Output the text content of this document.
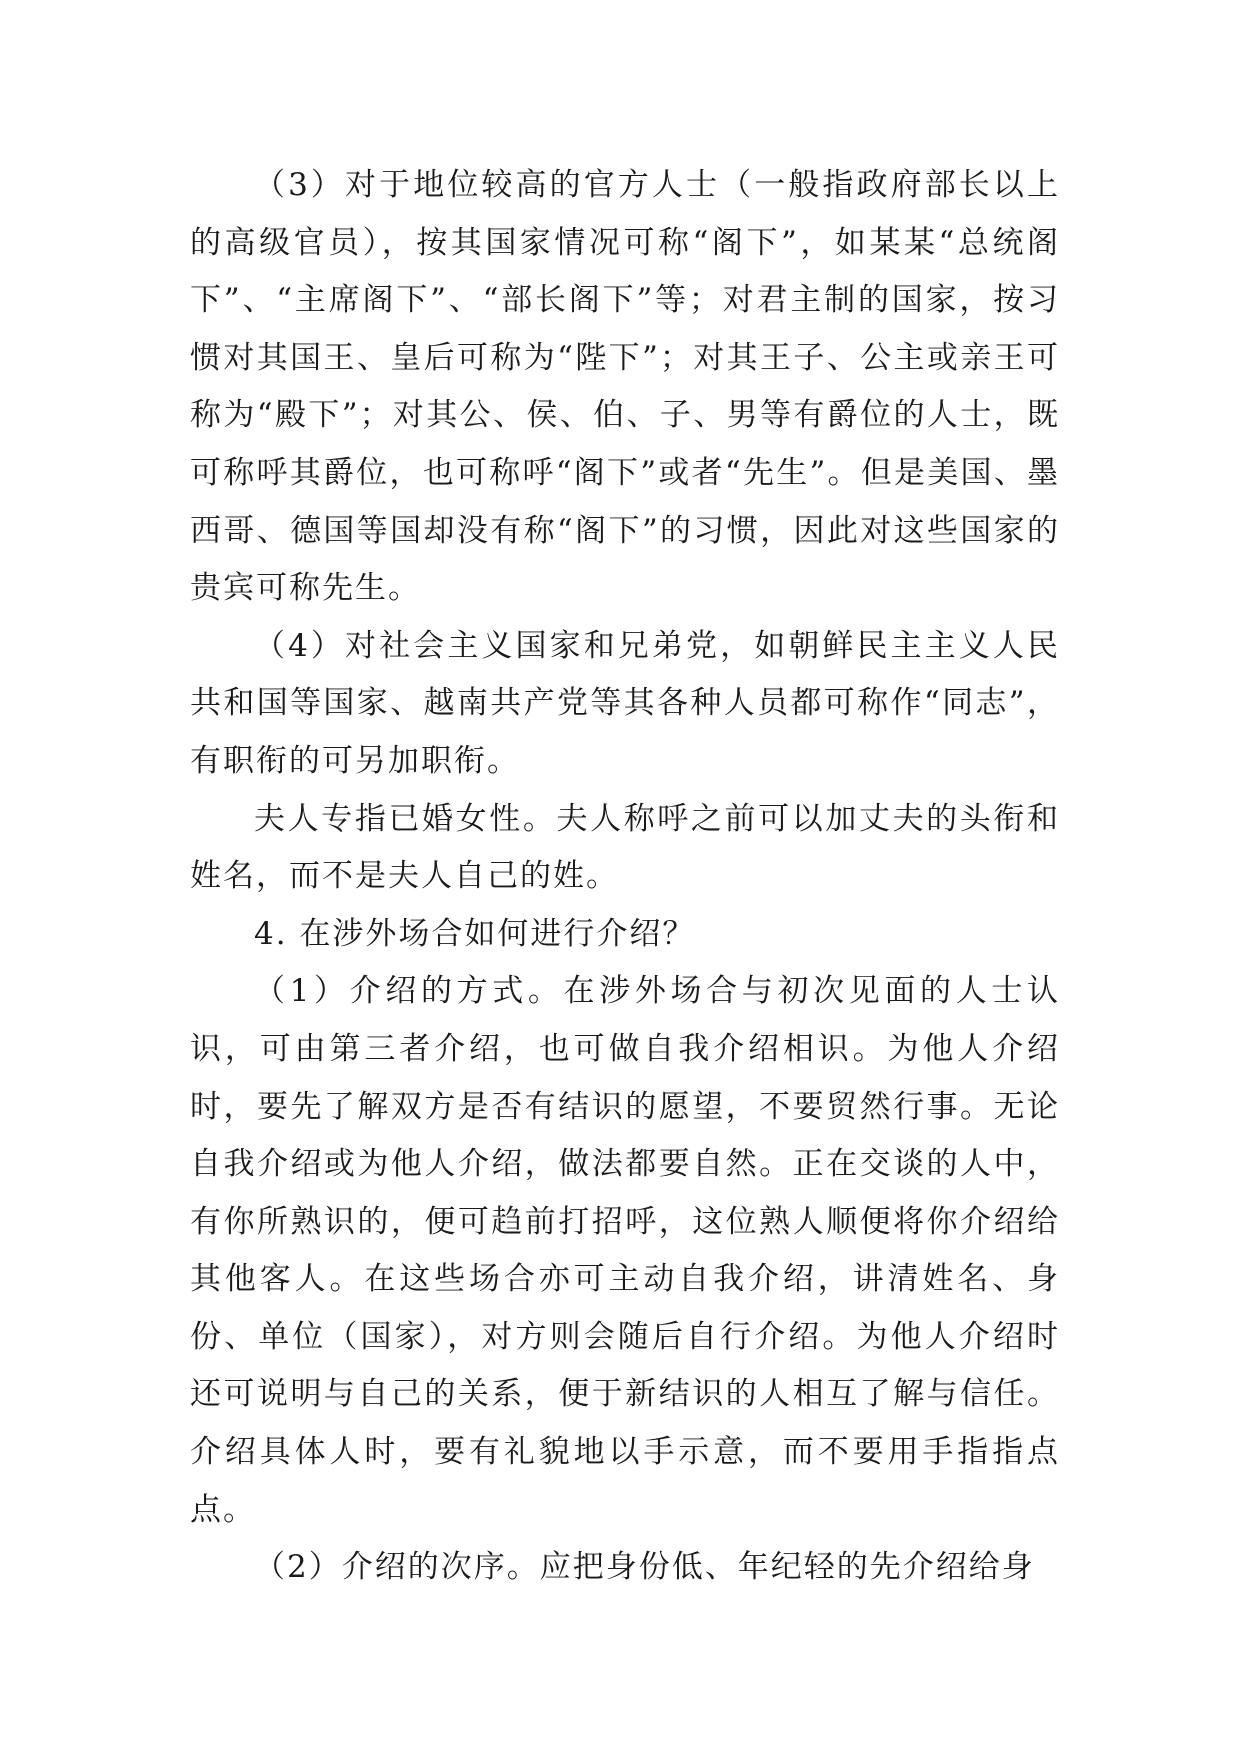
（3）对于地位较高的官方人士（一般指政府部长以上的高级官员），按其国家情况可称“阁下”，如某某“总统阁下”、“主席阁下”、“部长阁下”等；对君主制的国家，按习惯对其国王、皇后可称为“陛下”；对其王子、公主或亲王可称为“殿下”；对其公、侯、伯、子、男等有爵位的人士，既可称呼其爵位，也可称呼“阁下”或者“先生”。但是美国、墨西哥、德国等国却没有称“阁下”的习惯，因此对这些国家的贵宾可称先生。

（4）对社会主义国家和兄弟党，如朝鲜民主主义人民共和国等国家、越南共产党等其各种人员都可称作“同志”，有职衔的可另加职衔。

夫人专指已婚女性。夫人称呼之前可以加丈夫的头衔和姓名，而不是夫人自己的姓。

4. 在涉外场合如何进行介绍？

（1）介绍的方式。在涉外场合与初次见面的人士认识，可由第三者介绍，也可做自我介绍相识。为他人介绍时，要先了解双方是否有结识的愿望，不要贸然行事。无论自我介绍或为他人介绍，做法都要自然。正在交谈的人中，有你所熟识的，便可趋前打招呼，这位熟人顺便将你介绍给其他客人。在这些场合亦可主动自我介绍，讲清姓名、身份、单位（国家），对方则会随后自行介绍。为他人介绍时还可说明与自己的关系，便于新结识的人相互了解与信任。介绍具体人时，要有礼貌地以手示意，而不要用手指指点点。

（2）介绍的次序。应把身份低、年纪轻的先介绍给身
